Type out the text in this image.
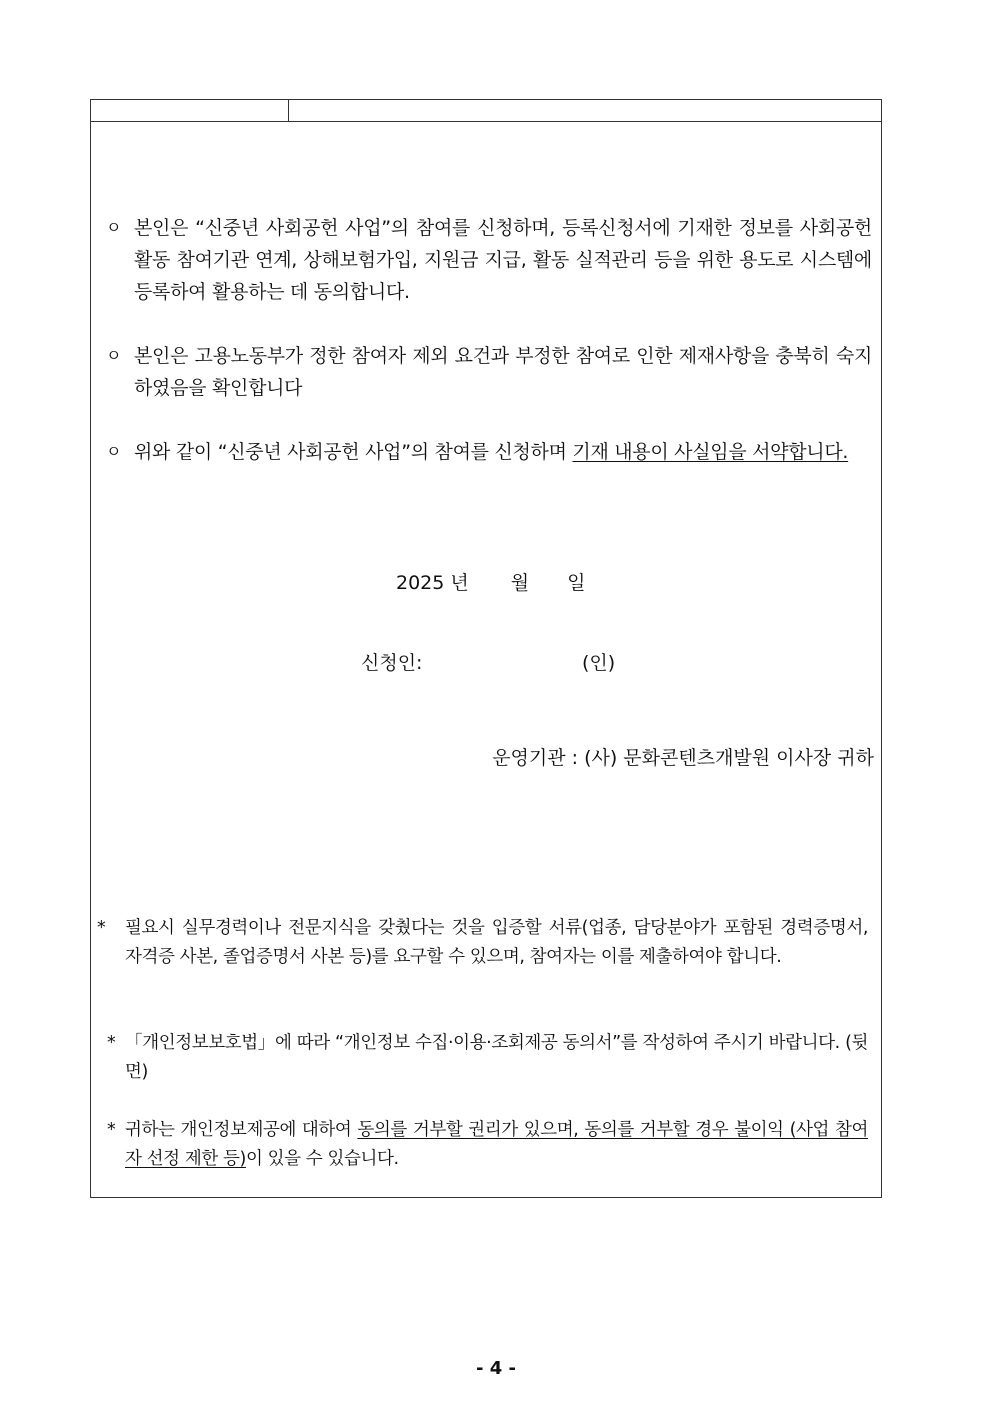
ㅇ 본인은 “신중년 사회공헌 사업”의 참여를 신청하며, 등록신청서에 기재한 정보를 사회공헌활동 참여기관 연계, 상해보험가입, 지원금 지급, 활동 실적관리 등을 위한 용도로 시스템에 등록하여 활용하는 데 동의합니다.
ㅇ 본인은 고용노동부가 정한 참여자 제외 요건과 부정한 참여로 인한 제재사항을 충북히 숙지하였음을 확인합니다
ㅇ 위와 같이 “신중년 사회공헌 사업”의 참여를 신청하며 기재 내용이 사실임을 서약합니다.
2025 년 월 일
신청인:	(인)
운영기관 : (사) 문화콘텐츠개발원 이사장 귀하
* 필요시 실무경력이나 전문지식을 갖췄다는 것을 입증할 서류(업종, 담당분야가 포함된 경력증명서, 자격증 사본, 졸업증명서 사본 등)를 요구할 수 있으며, 참여자는 이를 제출하여야 합니다.
* 「개인정보보호법」에 따라 “개인정보 수집·이용·조회제공 동의서”를 작성하여 주시기 바랍니다. (뒷면)
* 귀하는 개인정보제공에 대하여 동의를 거부할 권리가 있으며, 동의를 거부할 경우 불이익 (사업 참여자 선정 제한 등)이 있을 수 있습니다.
- 4 -
